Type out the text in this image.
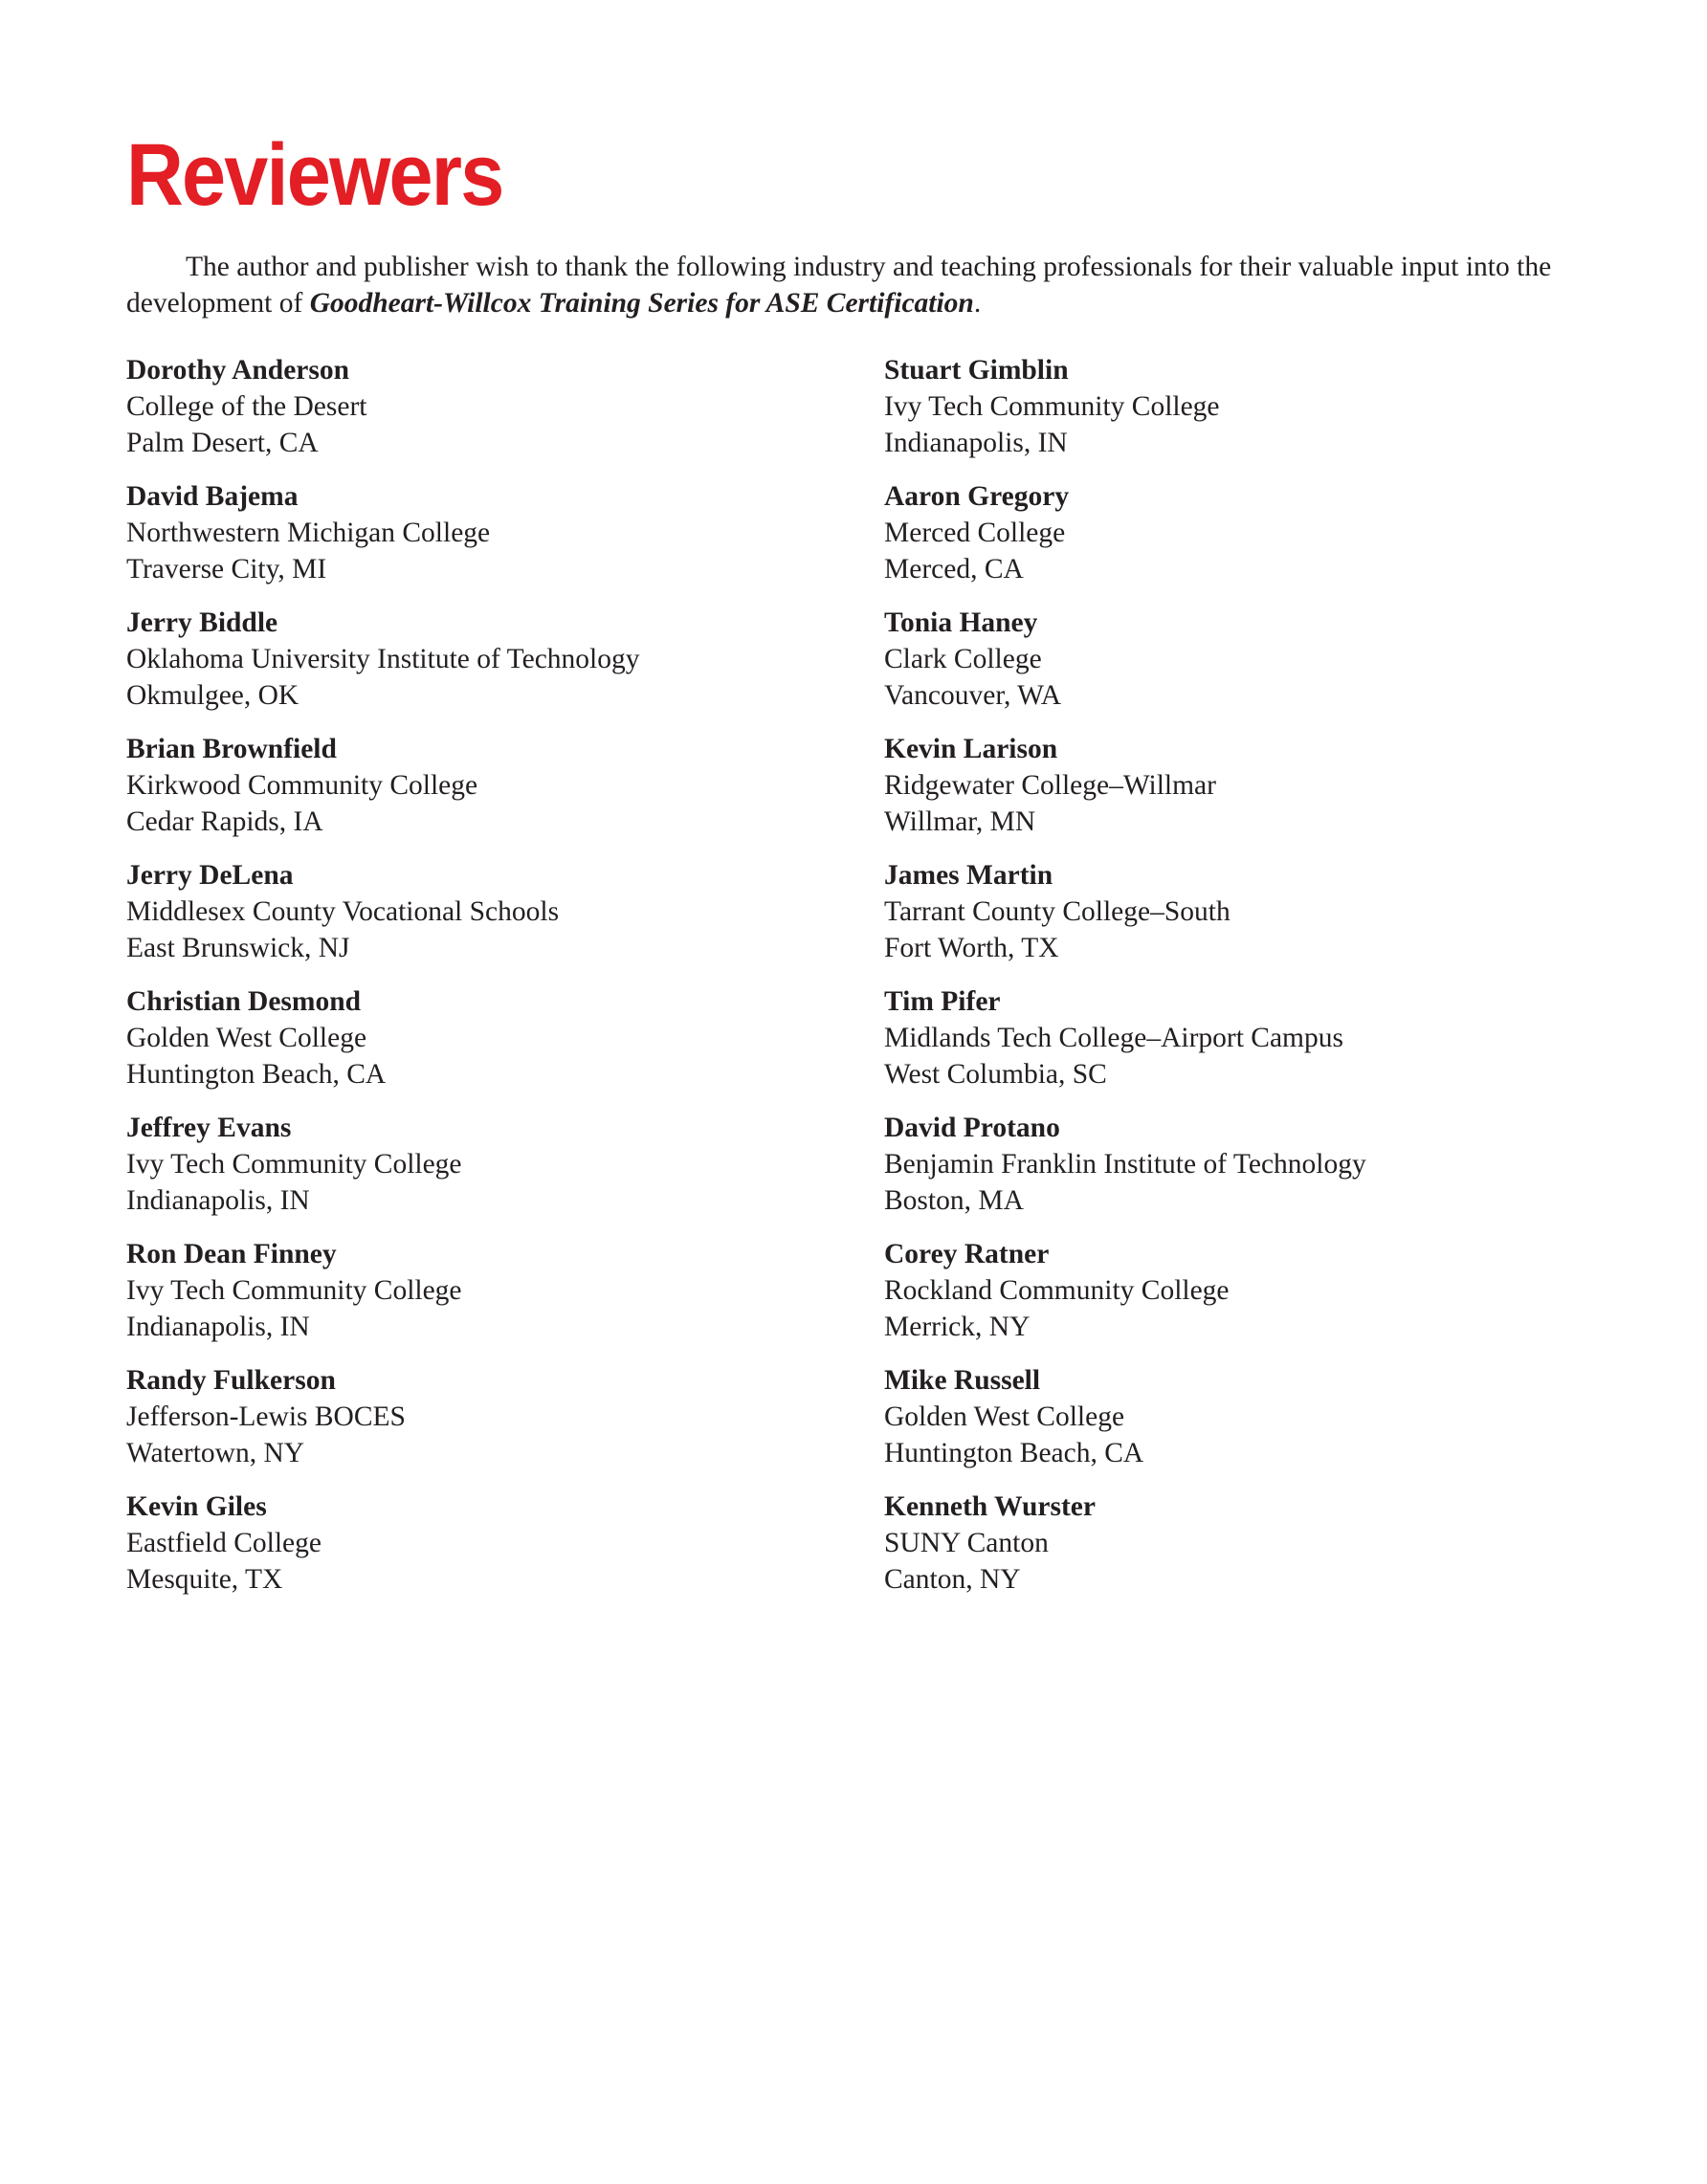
Reviewers

The author and publisher wish to thank the following industry and teaching professionals for their valuable input into the development of Goodheart-Willcox Training Series for ASE Certification.

Dorothy Anderson
College of the Desert
Palm Desert, CA
David Bajema
Northwestern Michigan College
Traverse City, MI
Jerry Biddle
Oklahoma University Institute of Technology
Okmulgee, OK
Brian Brownfield
Kirkwood Community College
Cedar Rapids, IA
Jerry DeLena
Middlesex County Vocational Schools
East Brunswick, NJ
Christian Desmond
Golden West College
Huntington Beach, CA
Jeffrey Evans
Ivy Tech Community College
Indianapolis, IN
Ron Dean Finney
Ivy Tech Community College
Indianapolis, IN
Randy Fulkerson
Jefferson-Lewis BOCES
Watertown, NY
Kevin Giles
Eastfield College
Mesquite, TX
Stuart Gimblin
Ivy Tech Community College
Indianapolis, IN
Aaron Gregory
Merced College
Merced, CA
Tonia Haney
Clark College
Vancouver, WA
Kevin Larison
Ridgewater College–Willmar
Willmar, MN
James Martin
Tarrant County College–South
Fort Worth, TX
Tim Pifer
Midlands Tech College–Airport Campus
West Columbia, SC
David Protano
Benjamin Franklin Institute of Technology
Boston, MA
Corey Ratner
Rockland Community College
Merrick, NY
Mike Russell
Golden West College
Huntington Beach, CA
Kenneth Wurster
SUNY Canton
Canton, NY
